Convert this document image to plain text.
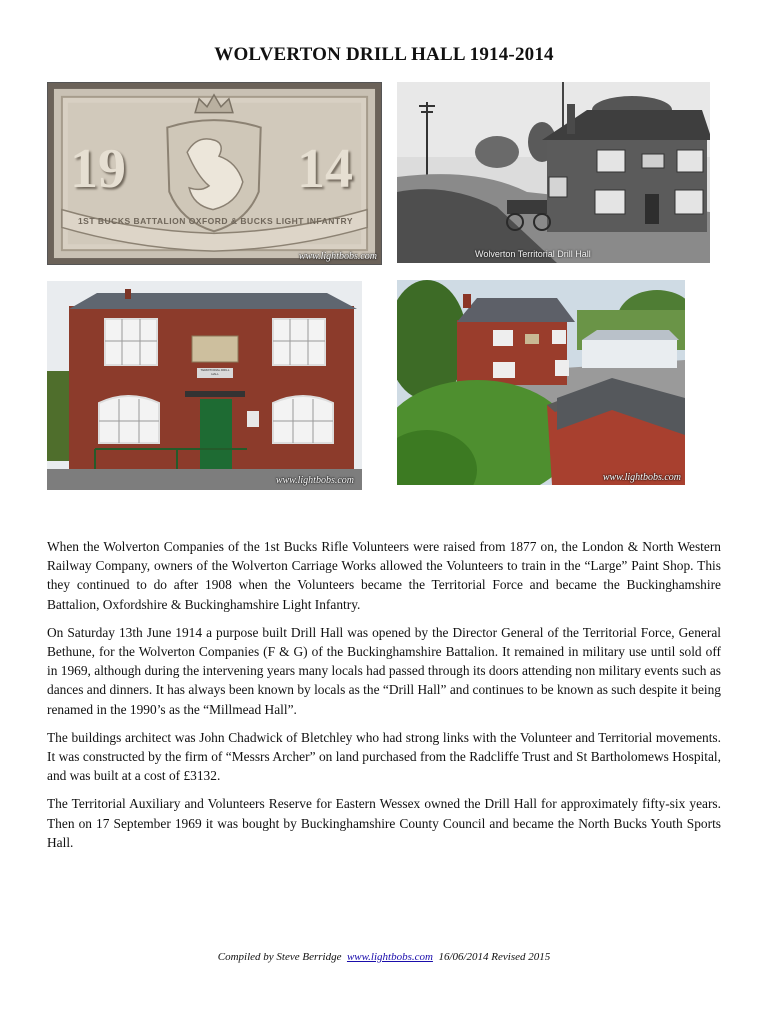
WOLVERTON DRILL HALL 1914-2014
19	14
1ST BUCKS BATTALION OXFORD & BUCKS LIGHT INFANTRY
www.lightbobs.com	Wolverton Territorial Drill Hall
TERRITORIAL DRILL HALL
www.lightbobs.com	www.lightbobs.com

When the Wolverton Companies of the 1st Bucks Rifle Volunteers were raised from 1877 on, the London & North Western Railway Company, owners of the Wolverton Carriage Works allowed the Volunteers to train in the “Large” Paint Shop. This they continued to do after 1908 when the Volunteers became the Territorial Force and became the Buckinghamshire Battalion, Oxfordshire & Buckinghamshire Light Infantry.

On Saturday 13th June 1914 a purpose built Drill Hall was opened by the Director General of the Territorial Force, General Bethune, for the Wolverton Companies (F & G) of the Buckinghamshire Battalion. It remained in military use until sold off in 1969, although during the intervening years many locals had passed through its doors attending non military events such as dances and dinners. It has always been known by locals as the “Drill Hall” and continues to be known as such despite it being renamed in the 1990’s as the “Millmead Hall”.

The buildings architect was John Chadwick of Bletchley who had strong links with the Volunteer and Territorial movements. It was constructed by the firm of “Messrs Archer” on land purchased from the Radcliffe Trust and St Bartholomews Hospital, and was built at a cost of £3132.

The Territorial Auxiliary and Volunteers Reserve for Eastern Wessex owned the Drill Hall for approximately fifty-six years. Then on 17 September 1969 it was bought by Buckinghamshire County Council and became the North Bucks Youth Sports Hall.

Compiled by Steve Berridge www.lightbobs.com 16/06/2014 Revised 2015
